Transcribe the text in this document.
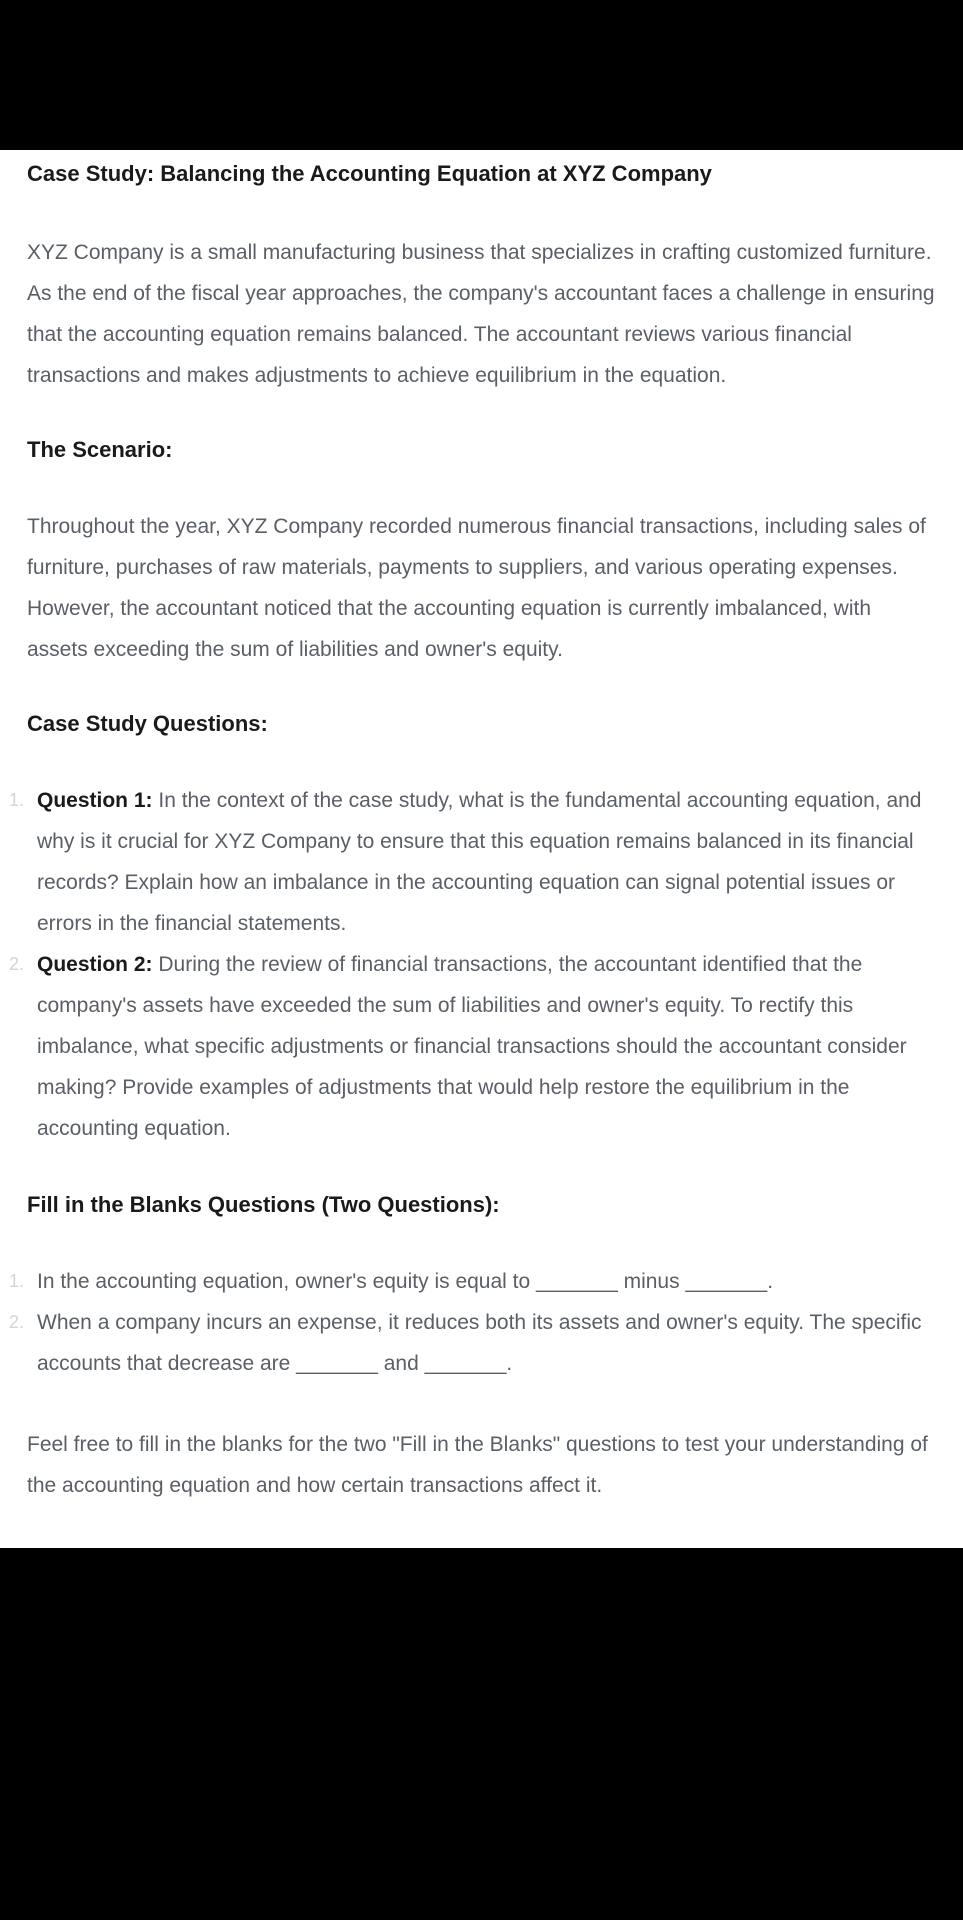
Case Study: Balancing the Accounting Equation at XYZ Company

XYZ Company is a small manufacturing business that specializes in crafting customized furniture. As the end of the fiscal year approaches, the company's accountant faces a challenge in ensuring that the accounting equation remains balanced. The accountant reviews various financial transactions and makes adjustments to achieve equilibrium in the equation.

The Scenario:

Throughout the year, XYZ Company recorded numerous financial transactions, including sales of furniture, purchases of raw materials, payments to suppliers, and various operating expenses. However, the accountant noticed that the accounting equation is currently imbalanced, with assets exceeding the sum of liabilities and owner's equity.

Case Study Questions:
1. Question 1: In the context of the case study, what is the fundamental accounting equation, and why is it crucial for XYZ Company to ensure that this equation remains balanced in its financial records? Explain how an imbalance in the accounting equation can signal potential issues or errors in the financial statements.
2. Question 2: During the review of financial transactions, the accountant identified that the company's assets have exceeded the sum of liabilities and owner's equity. To rectify this imbalance, what specific adjustments or financial transactions should the accountant consider making? Provide examples of adjustments that would help restore the equilibrium in the accounting equation.
Fill in the Blanks Questions (Two Questions):
1. In the accounting equation, owner's equity is equal to _______ minus _______.
2. When a company incurs an expense, it reduces both its assets and owner's equity. The specific accounts that decrease are _______ and _______.

Feel free to fill in the blanks for the two "Fill in the Blanks" questions to test your understanding of the accounting equation and how certain transactions affect it.
